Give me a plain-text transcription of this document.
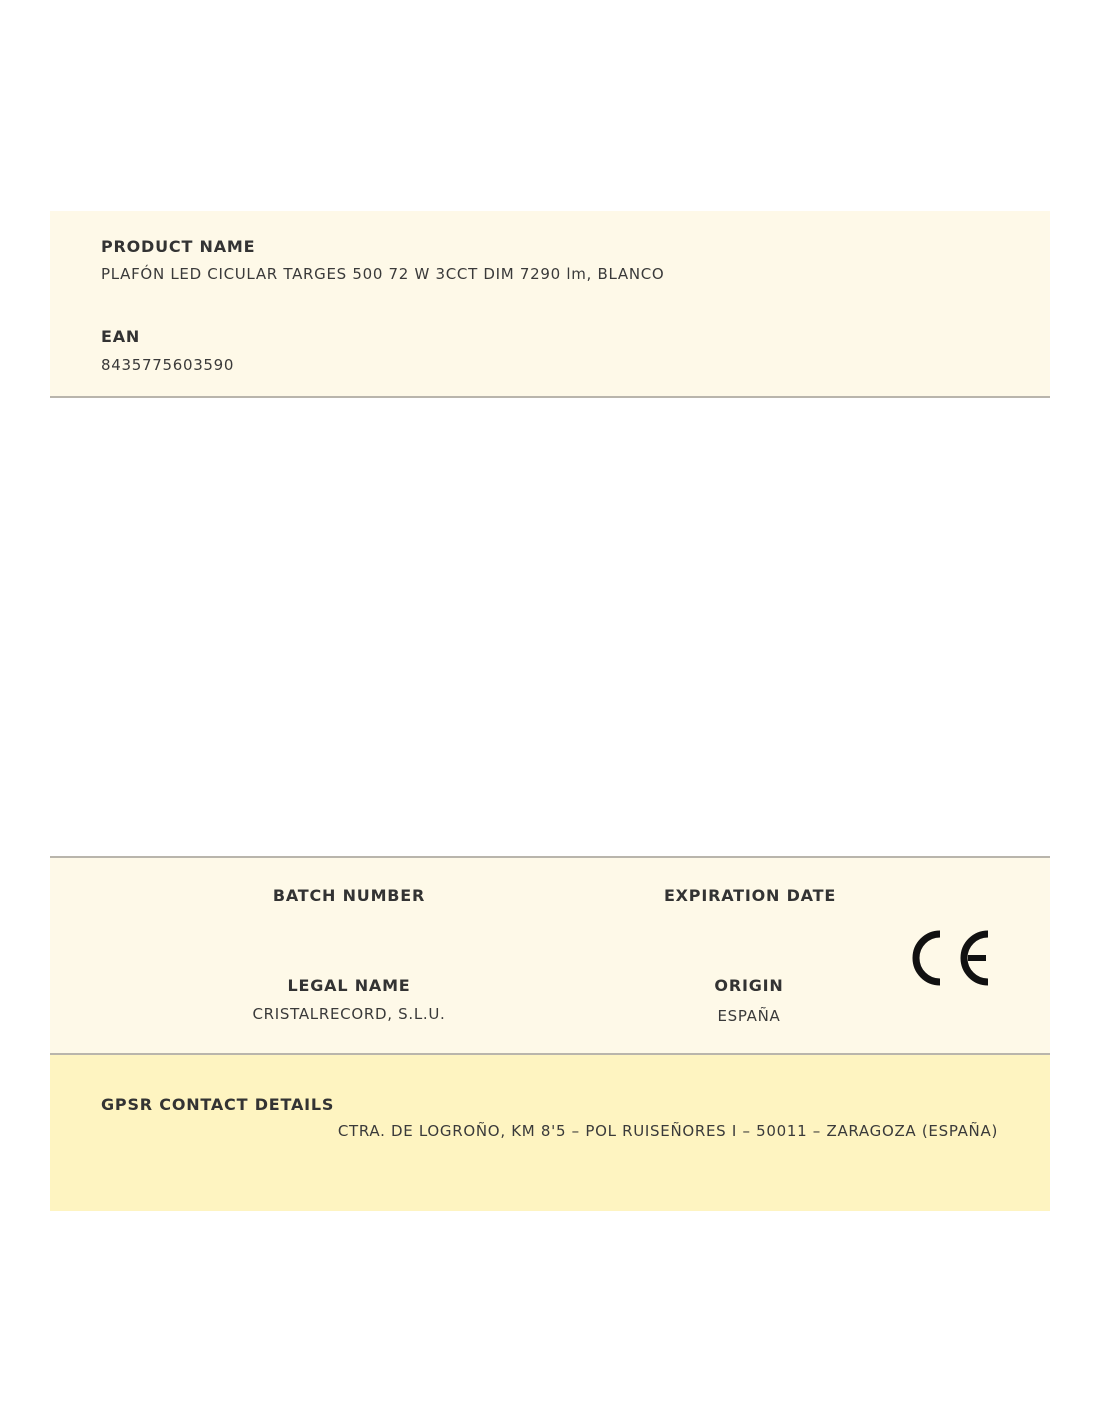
PRODUCT NAME
PLAFÓN LED CICULAR TARGES 500 72 W 3CCT DIM 7290 lm, BLANCO
EAN
8435775603590
BATCH NUMBER	EXPIRATION DATE
LEGAL NAME
CRISTALRECORD, S.L.U.
ORIGIN
ESPAÑA
GPSR CONTACT DETAILS
CTRA. DE LOGROÑO, KM 8'5 – POL RUISEÑORES I – 50011 – ZARAGOZA (ESPAÑA)
